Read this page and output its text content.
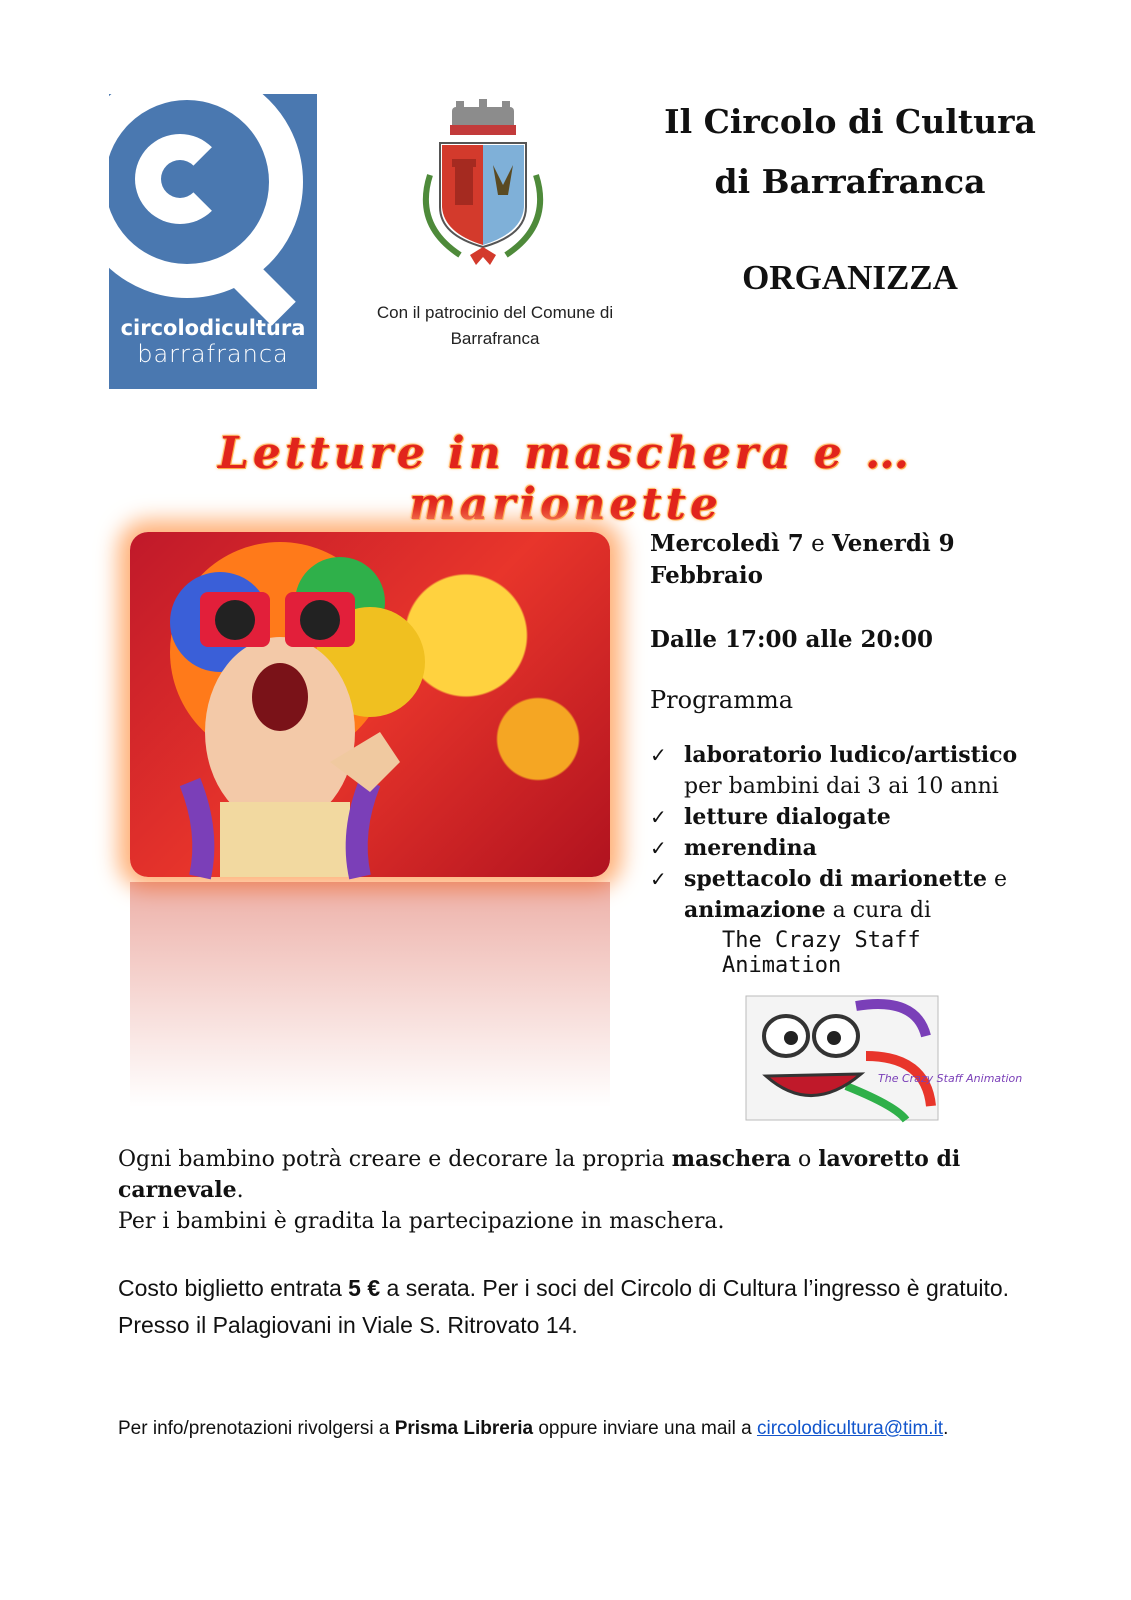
circolodicultura
barrafranca
Con il patrocinio del Comune di Barrafranca
Il Circolo di Cultura
di Barrafranca
ORGANIZZA
Letture in maschera e … marionette

Mercoledì 7 e Venerdì 9 Febbraio

Dalle 17:00 alle 20:00

Programma

✓ laboratorio ludico/artistico
per bambini dai 3 ai 10 anni
✓ letture dialogate
✓ merendina
✓ spettacolo di marionette e
animazione a cura di
The Crazy Staff Animation
The Crazy Staff Animation
Ogni bambino potrà creare e decorare la propria maschera o lavoretto di carnevale.
Per i bambini è gradita la partecipazione in maschera.
Costo biglietto entrata 5 € a serata. Per i soci del Circolo di Cultura l’ingresso è gratuito.
Presso il Palagiovani in Viale S. Ritrovato 14.
Per info/prenotazioni rivolgersi a Prisma Libreria oppure inviare una mail a circolodicultura@tim.it.
